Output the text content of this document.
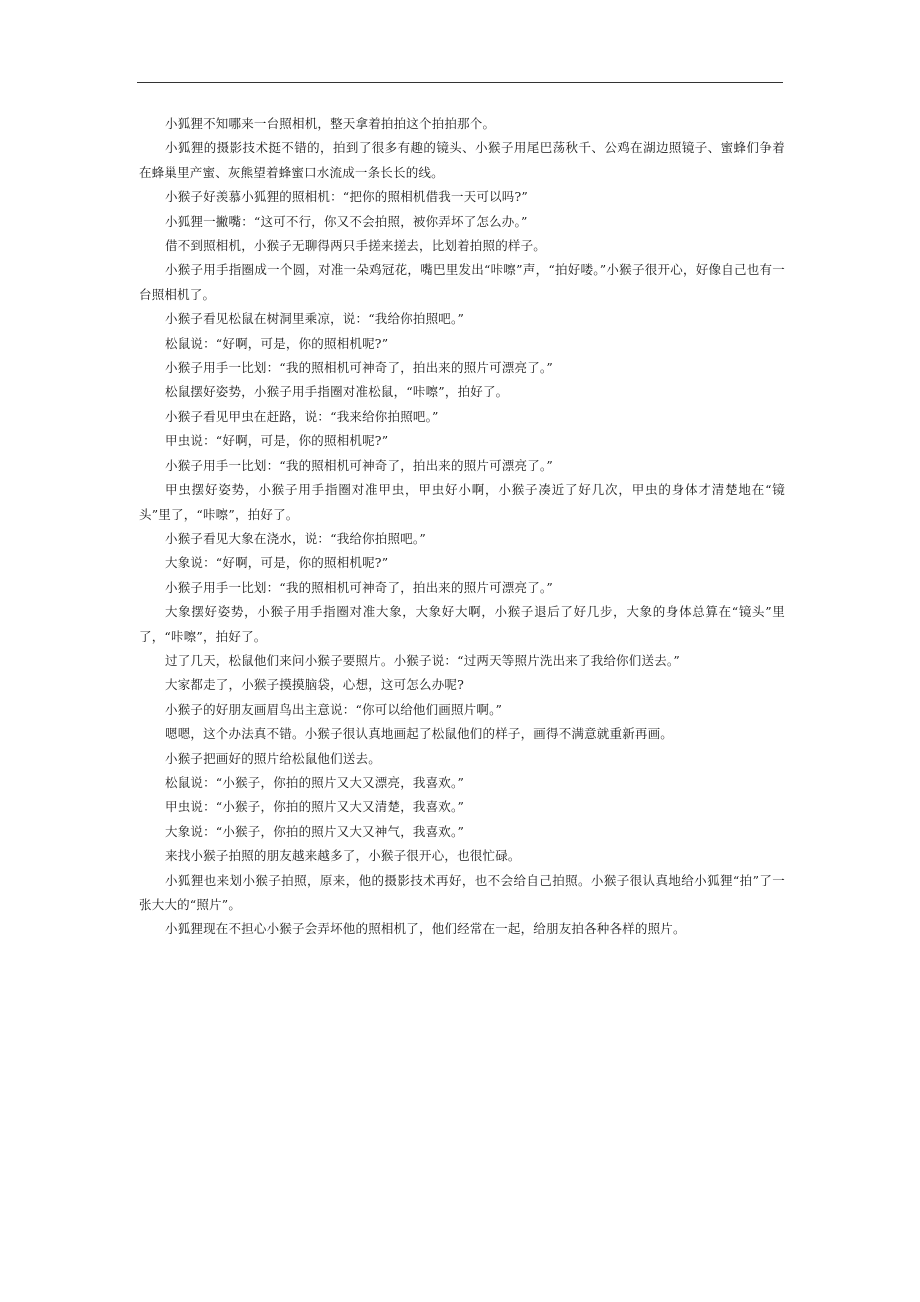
小狐狸不知哪来一台照相机，整天拿着拍拍这个拍拍那个。

小狐狸的摄影技术挺不错的，拍到了很多有趣的镜头、小猴子用尾巴荡秋千、公鸡在湖边照镜子、蜜蜂们争着在蜂巢里产蜜、灰熊望着蜂蜜口水流成一条长长的线。

小猴子好羡慕小狐狸的照相机：“把你的照相机借我一天可以吗?”

小狐狸一撇嘴：“这可不行，你又不会拍照，被你弄坏了怎么办。”

借不到照相机，小猴子无聊得两只手搓来搓去，比划着拍照的样子。

小猴子用手指圈成一个圆，对准一朵鸡冠花，嘴巴里发出“咔嚓”声，“拍好喽。”小猴子很开心，好像自己也有一台照相机了。

小猴子看见松鼠在树洞里乘凉，说：“我给你拍照吧。”

松鼠说：“好啊，可是，你的照相机呢?”

小猴子用手一比划：“我的照相机可神奇了，拍出来的照片可漂亮了。”

松鼠摆好姿势，小猴子用手指圈对准松鼠，“咔嚓”，拍好了。

小猴子看见甲虫在赶路，说：“我来给你拍照吧。”

甲虫说：“好啊，可是，你的照相机呢?”

小猴子用手一比划：“我的照相机可神奇了，拍出来的照片可漂亮了。”

甲虫摆好姿势，小猴子用手指圈对准甲虫，甲虫好小啊，小猴子凑近了好几次，甲虫的身体才清楚地在“镜头”里了，“咔嚓”，拍好了。

小猴子看见大象在浇水，说：“我给你拍照吧。”

大象说：“好啊，可是，你的照相机呢?”

小猴子用手一比划：“我的照相机可神奇了，拍出来的照片可漂亮了。”

大象摆好姿势，小猴子用手指圈对准大象，大象好大啊，小猴子退后了好几步，大象的身体总算在“镜头”里了，“咔嚓”，拍好了。

过了几天，松鼠他们来问小猴子要照片。小猴子说：“过两天等照片洗出来了我给你们送去。”

大家都走了，小猴子摸摸脑袋，心想，这可怎么办呢?

小猴子的好朋友画眉鸟出主意说：“你可以给他们画照片啊。”

嗯嗯，这个办法真不错。小猴子很认真地画起了松鼠他们的样子，画得不满意就重新再画。

小猴子把画好的照片给松鼠他们送去。

松鼠说：“小猴子，你拍的照片又大又漂亮，我喜欢。”

甲虫说：“小猴子，你拍的照片又大又清楚，我喜欢。”

大象说：“小猴子，你拍的照片又大又神气，我喜欢。”

来找小猴子拍照的朋友越来越多了，小猴子很开心，也很忙碌。

小狐狸也来划小猴子拍照，原来，他的摄影技术再好，也不会给自己拍照。小猴子很认真地给小狐狸“拍”了一张大大的“照片”。

小狐狸现在不担心小猴子会弄坏他的照相机了，他们经常在一起，给朋友拍各种各样的照片。
